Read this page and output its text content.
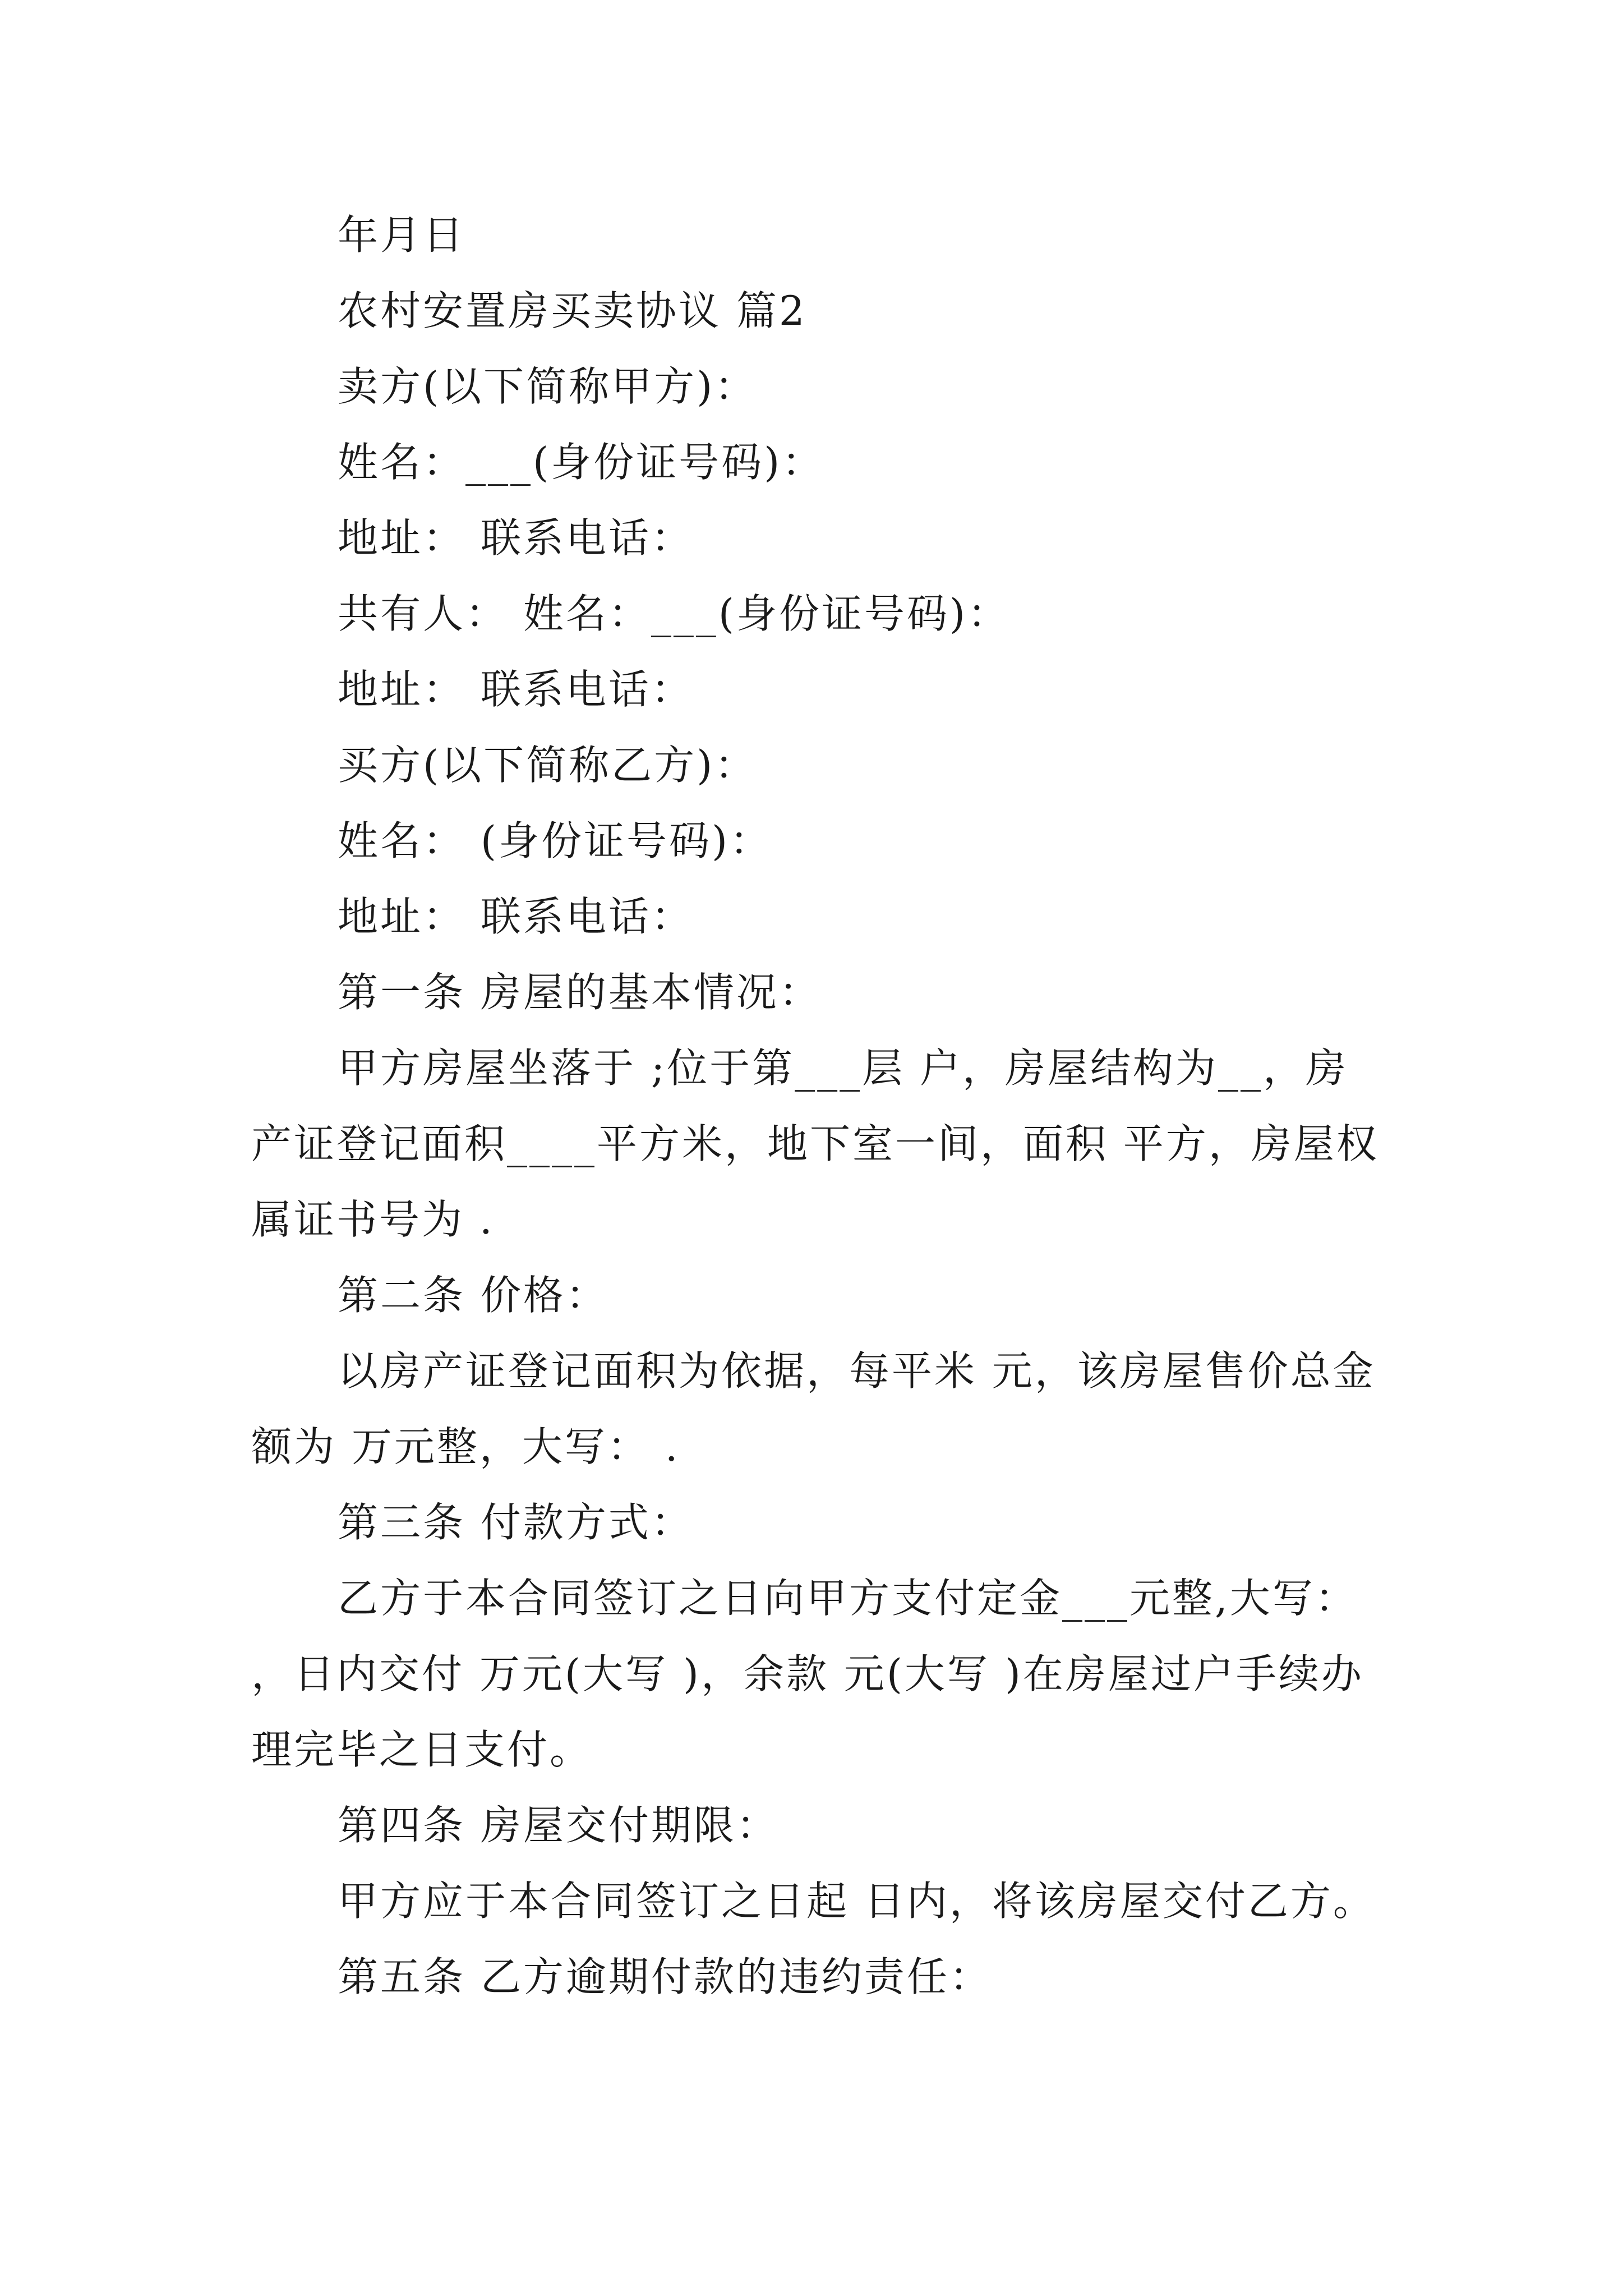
年月日

农村安置房买卖协议 篇2

卖方(以下简称甲方)：

姓名：___(身份证号码)：

地址： 联系电话：

共有人： 姓名：___(身份证号码)：

地址： 联系电话：

买方(以下简称乙方)：

姓名： (身份证号码)：

地址： 联系电话：

第一条 房屋的基本情况：

甲方房屋坐落于 ;位于第___层 户，房屋结构为__，房产证登记面积____平方米，地下室一间，面积 平方，房屋权属证书号为 .

第二条 价格：

以房产证登记面积为依据，每平米 元，该房屋售价总金额为 万元整，大写： .

第三条 付款方式：

乙方于本合同签订之日向甲方支付定金___元整,大写： ，日内交付 万元(大写 )，余款 元(大写 )在房屋过户手续办理完毕之日支付。

第四条 房屋交付期限：

甲方应于本合同签订之日起 日内，将该房屋交付乙方。

第五条 乙方逾期付款的违约责任：
